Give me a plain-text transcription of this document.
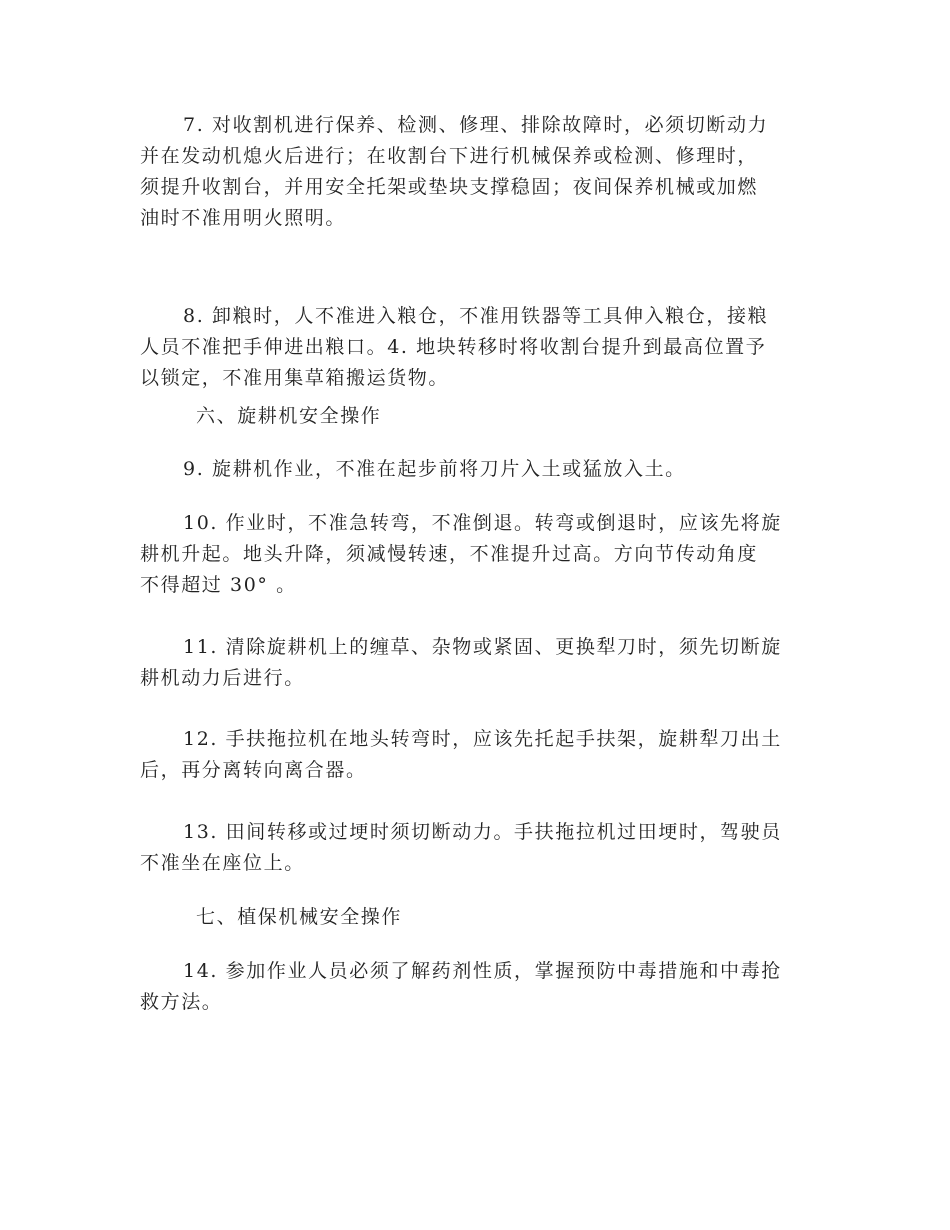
7. 对收割机进行保养、检测、修理、排除故障时，必须切断动力
并在发动机熄火后进行；在收割台下进行机械保养或检测、修理时，
须提升收割台，并用安全托架或垫块支撑稳固；夜间保养机械或加燃
油时不准用明火照明。
8. 卸粮时，人不准进入粮仓，不准用铁器等工具伸入粮仓，接粮
人员不准把手伸进出粮口。4. 地块转移时将收割台提升到最高位置予
以锁定，不准用集草箱搬运货物。
六、旋耕机安全操作
9. 旋耕机作业，不准在起步前将刀片入土或猛放入土。
10. 作业时，不准急转弯，不准倒退。转弯或倒退时，应该先将旋
耕机升起。地头升降，须减慢转速，不准提升过高。方向节传动角度
不得超过 30° 。
11. 清除旋耕机上的缠草、杂物或紧固、更换犁刀时，须先切断旋
耕机动力后进行。
12. 手扶拖拉机在地头转弯时，应该先托起手扶架，旋耕犁刀出土
后，再分离转向离合器。
13. 田间转移或过埂时须切断动力。手扶拖拉机过田埂时，驾驶员
不准坐在座位上。
七、植保机械安全操作
14. 参加作业人员必须了解药剂性质，掌握预防中毒措施和中毒抢
救方法。
